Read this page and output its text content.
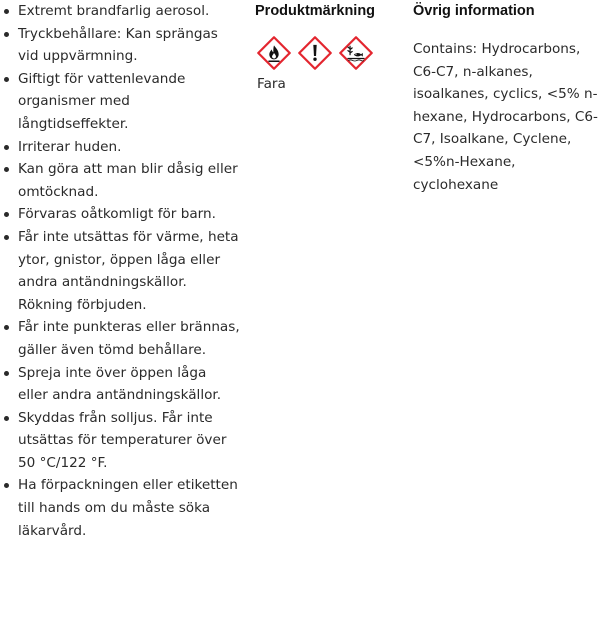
Extremt brandfarlig aerosol.
Tryckbehållare: Kan sprängas vid uppvärmning.
Giftigt för vattenlevande organismer med långtidseffekter.
Irriterar huden.
Kan göra att man blir dåsig eller omtöcknad.
Förvaras oåtkomligt för barn.
Får inte utsättas för värme, heta ytor, gnistor, öppen låga eller andra antändningskällor. Rökning förbjuden.
Får inte punkteras eller brännas, gäller även tömd behållare.
Spreja inte över öppen låga eller andra antändningskällor.
Skyddas från solljus. Får inte utsättas för temperaturer över 50 °C/122 °F.
Ha förpackningen eller etiketten till hands om du måste söka läkarvård.
Produktmärkning
Fara
Övrig information
Contains: Hydrocarbons, C6-C7, n-alkanes, isoalkanes, cyclics, <5% n-hexane, Hydrocarbons, C6-C7, Isoalkane, Cyclene, <5%n-Hexane, cyclohexane
